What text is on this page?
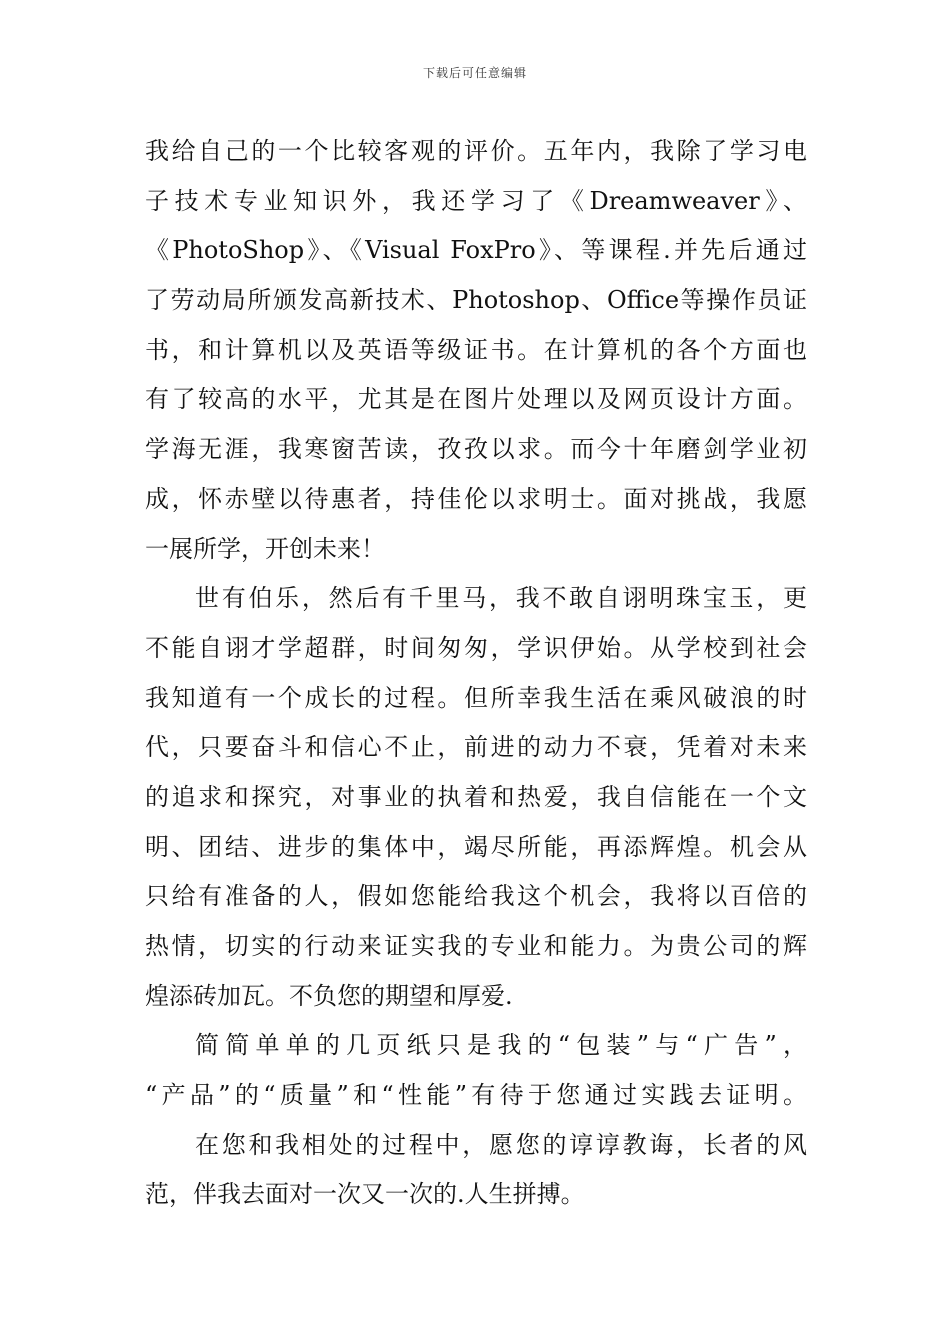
下载后可任意编辑
我给自己的一个比较客观的评价。五年内，我除了学习电
子技术专业知识外，我还学习了《Dreamweaver》、
《PhotoShop》、《Visual FoxPro》、等课程.并先后通过
了劳动局所颁发高新技术、Photoshop、Office等操作员证
书，和计算机以及英语等级证书。在计算机的各个方面也
有了较高的水平，尤其是在图片处理以及网页设计方面。
学海无涯，我寒窗苦读，孜孜以求。而今十年磨剑学业初
成，怀赤壁以待惠者，持佳伦以求明士。面对挑战，我愿
一展所学，开创未来！
世有伯乐，然后有千里马，我不敢自诩明珠宝玉，更
不能自诩才学超群，时间匆匆，学识伊始。从学校到社会
我知道有一个成长的过程。但所幸我生活在乘风破浪的时
代，只要奋斗和信心不止，前进的动力不衰，凭着对未来
的追求和探究，对事业的执着和热爱，我自信能在一个文
明、团结、进步的集体中，竭尽所能，再添辉煌。机会从
只给有准备的人，假如您能给我这个机会，我将以百倍的
热情，切实的行动来证实我的专业和能力。为贵公司的辉
煌添砖加瓦。不负您的期望和厚爱.
简简单单的几页纸只是我的“包装”与“广告”，
“产品”的“质量”和“性能”有待于您通过实践去证明。
在您和我相处的过程中，愿您的谆谆教诲，长者的风
范，伴我去面对一次又一次的.人生拼搏。
